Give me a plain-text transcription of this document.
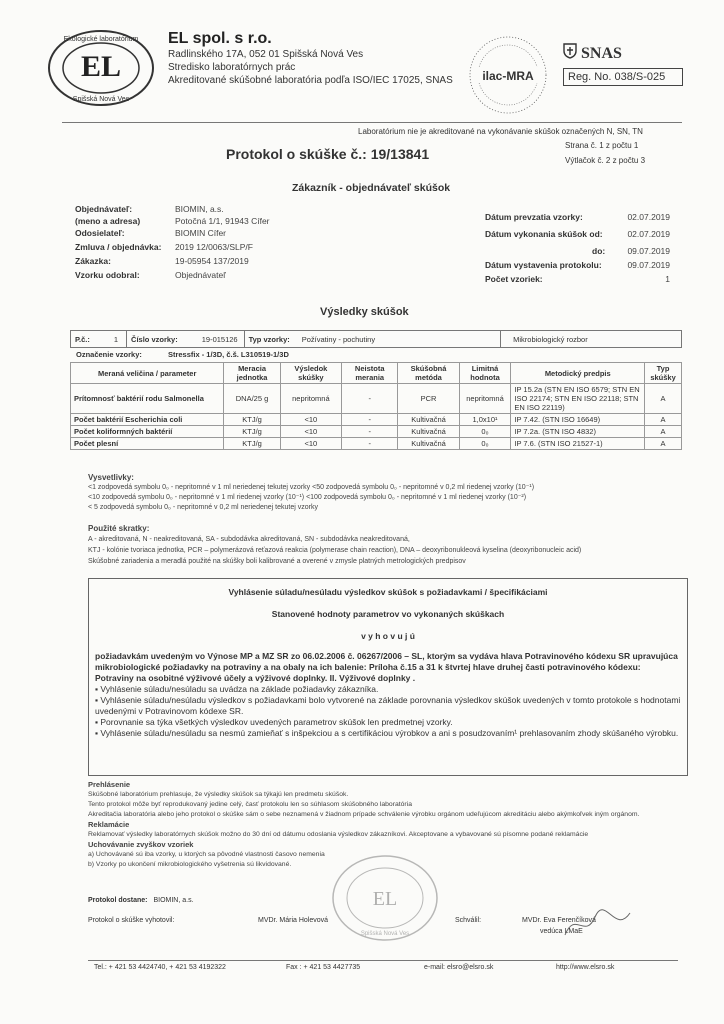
EL
Ekologické laboratórium
Spišská Nová Ves
EL spol. s r.o.
Radlinského 17A, 052 01 Spišská Nová Ves
Stredisko laboratórnych prác
Akreditované skúšobné laboratória podľa ISO/IEC 17025, SNAS	ilac-MRA
SNAS
Reg. No. 038/S-025
Laboratórium nie je akreditované na vykonávanie skúšok označených N, SN, TN
Protokol o skúške č.: 19/13841
Strana č. 1 z počtu 1
Výtlačok č. 2 z počtu 3
Zákazník - objednávateľ skúšok
Objednávateľ:	BIOMIN, a.s.
(meno a adresa)	Potočná 1/1, 91943 Cífer
Odosielateľ:	BIOMIN Cífer
Zmluva / objednávka:	2019 12/0063/SLP/F
Zákazka:	19-05954 137/2019
Vzorku odobral:	Objednávateľ
Dátum prevzatia vzorky:	02.07.2019
Dátum vykonania skúšok od:	02.07.2019
do:	09.07.2019
Dátum vystavenia protokolu:	09.07.2019
Počet vzoriek:	1
Výsledky skúšok
P.č.:	1 Číslo vzorky:	19-015126 Typ vzorky: Požívatiny - pochutiny	Mikrobiologický rozbor
Označenie vzorky:	Stressfix - 1/3D, č.š. L310519-1/3D
Meraná veličina / parameter	Meracia jednotka	Výsledok skúšky	Neistota merania	Skúšobná metóda	Limitná hodnota	Metodický predpis	Typ skúšky
Prítomnosť baktérií rodu Salmonella	DNA/25 g	nepritomná	-	PCR	nepritomná	IP 15.2a (STN EN ISO 6579; STN EN ISO 22174; STN EN ISO 22118; STN EN ISO 22119)	A
Počet baktérií Escherichia coli	KTJ/g	<10	-	Kultivačná	1,0x10¹	IP 7.42. (STN ISO 16649)	A
Počet koliformných baktérií	KTJ/g	<10	-	Kultivačná	0₀	IP 7.2a. (STN ISO 4832)	A
Počet plesní	KTJ/g	<10	-	Kultivačná	0₀	IP 7.6. (STN ISO 21527-1)	A
Vysvetlivky:
<1 zodpovedá symbolu 0₀ - nepritomné v 1 ml neriedenej tekutej vzorky <50 zodpovedá symbolu 0₀ - nepritomné v 0,2 ml riedenej vzorky (10⁻¹)
<10 zodpovedá symbolu 0₀ - nepritomné v 1 ml riedenej vzorky (10⁻¹) <100 zodpovedá symbolu 0₀ - nepritomné v 1 ml riedenej vzorky (10⁻²)
< 5 zodpovedá symbolu 0₀ - nepritomné v 0,2 ml neriedenej tekutej vzorky
Použité skratky:
A - akreditovaná, N - neakreditovaná, SA - subdodávka akreditovaná, SN - subdodávka neakreditovaná,
KTJ - kolónie tvoriaca jednotka, PCR – polymerázová reťazová reakcia (polymerase chain reaction), DNA – deoxyribonukleová kyselina (deoxyribonucleic acid)
Skúšobné zariadenia a meradlá použité na skúšky boli kalibrované a overené v zmysle platných metrologických predpisov
Vyhlásenie súladu/nesúladu výsledkov skúšok s požiadavkami / špecifikáciami
Stanovené hodnoty parametrov vo vykonaných skúškach
v y h o v u j ú
požiadavkám uvedeným vo Výnose MP a MZ SR zo 06.02.2006 č. 06267/2006 – SL, ktorým sa vydáva hlava Potravinového kódexu SR upravujúca mikrobiologické požiadavky na potraviny a na obaly na ich balenie: Príloha č.15 a 31 k štvrtej hlave druhej časti potravinového kódexu: Potraviny na osobitné výživové účely a výživové doplnky. II. Výživové doplnky .
▪ Vyhlásenie súladu/nesúladu sa uvádza na základe požiadavky zákazníka.
▪ Vyhlásenie súladu/nesúladu výsledkov s požiadavkami bolo vytvorené na základe porovnania výsledkov skúšok uvedených v tomto protokole s hodnotami uvedenými v Potravinovom kódexe SR.
▪ Porovnanie sa týka všetkých výsledkov uvedených parametrov skúšok len predmetnej vzorky.
▪ Vyhlásenie súladu/nesúladu sa nesmú zamieňať s inšpekciou a s certifikáciou výrobkov a ani s posudzovaním¹ prehlasovaním zhody skúšaného výrobku.
Prehlásenie
Skúšobné laboratórium prehlasuje, že výsledky skúšok sa týkajú len predmetu skúšok.
Tento protokol môže byť reprodukovaný jedine celý, časť protokolu len so súhlasom skúšobného laboratória
Akreditačia laboratória alebo jeho protokol o skúške sám o sebe neznamená v žiadnom prípade schválenie výrobku orgánom udeľujúcom akreditáciu alebo akýmkoľvek iným orgánom.
Reklamácie
Reklamovať výsledky laboratórnych skúšok možno do 30 dní od dátumu odoslania výsledkov zákazníkovi. Akceptovane a vybavované sú písomne podané reklamácie
Uchovávanie zvyškov vzoriek
a) Uchovávané sú iba vzorky, u ktorých sa pôvodné vlastnosti časovo nemenia
b) Vzorky po ukončení mikrobiologického vyšetrenia sú likvidované.
EL
Spišská Nová Ves
Protokol dostane: BIOMIN, a.s.
Protokol o skúške vyhotovil:	MVDr. Mária Holevová	Schválil:	MVDr. Eva Ferenčíková
vedúca LMaE
Tel.: + 421 53 4424740, + 421 53 4192322	Fax : + 421 53 4427735	e-mail: elsro@elsro.sk	http://www.elsro.sk
